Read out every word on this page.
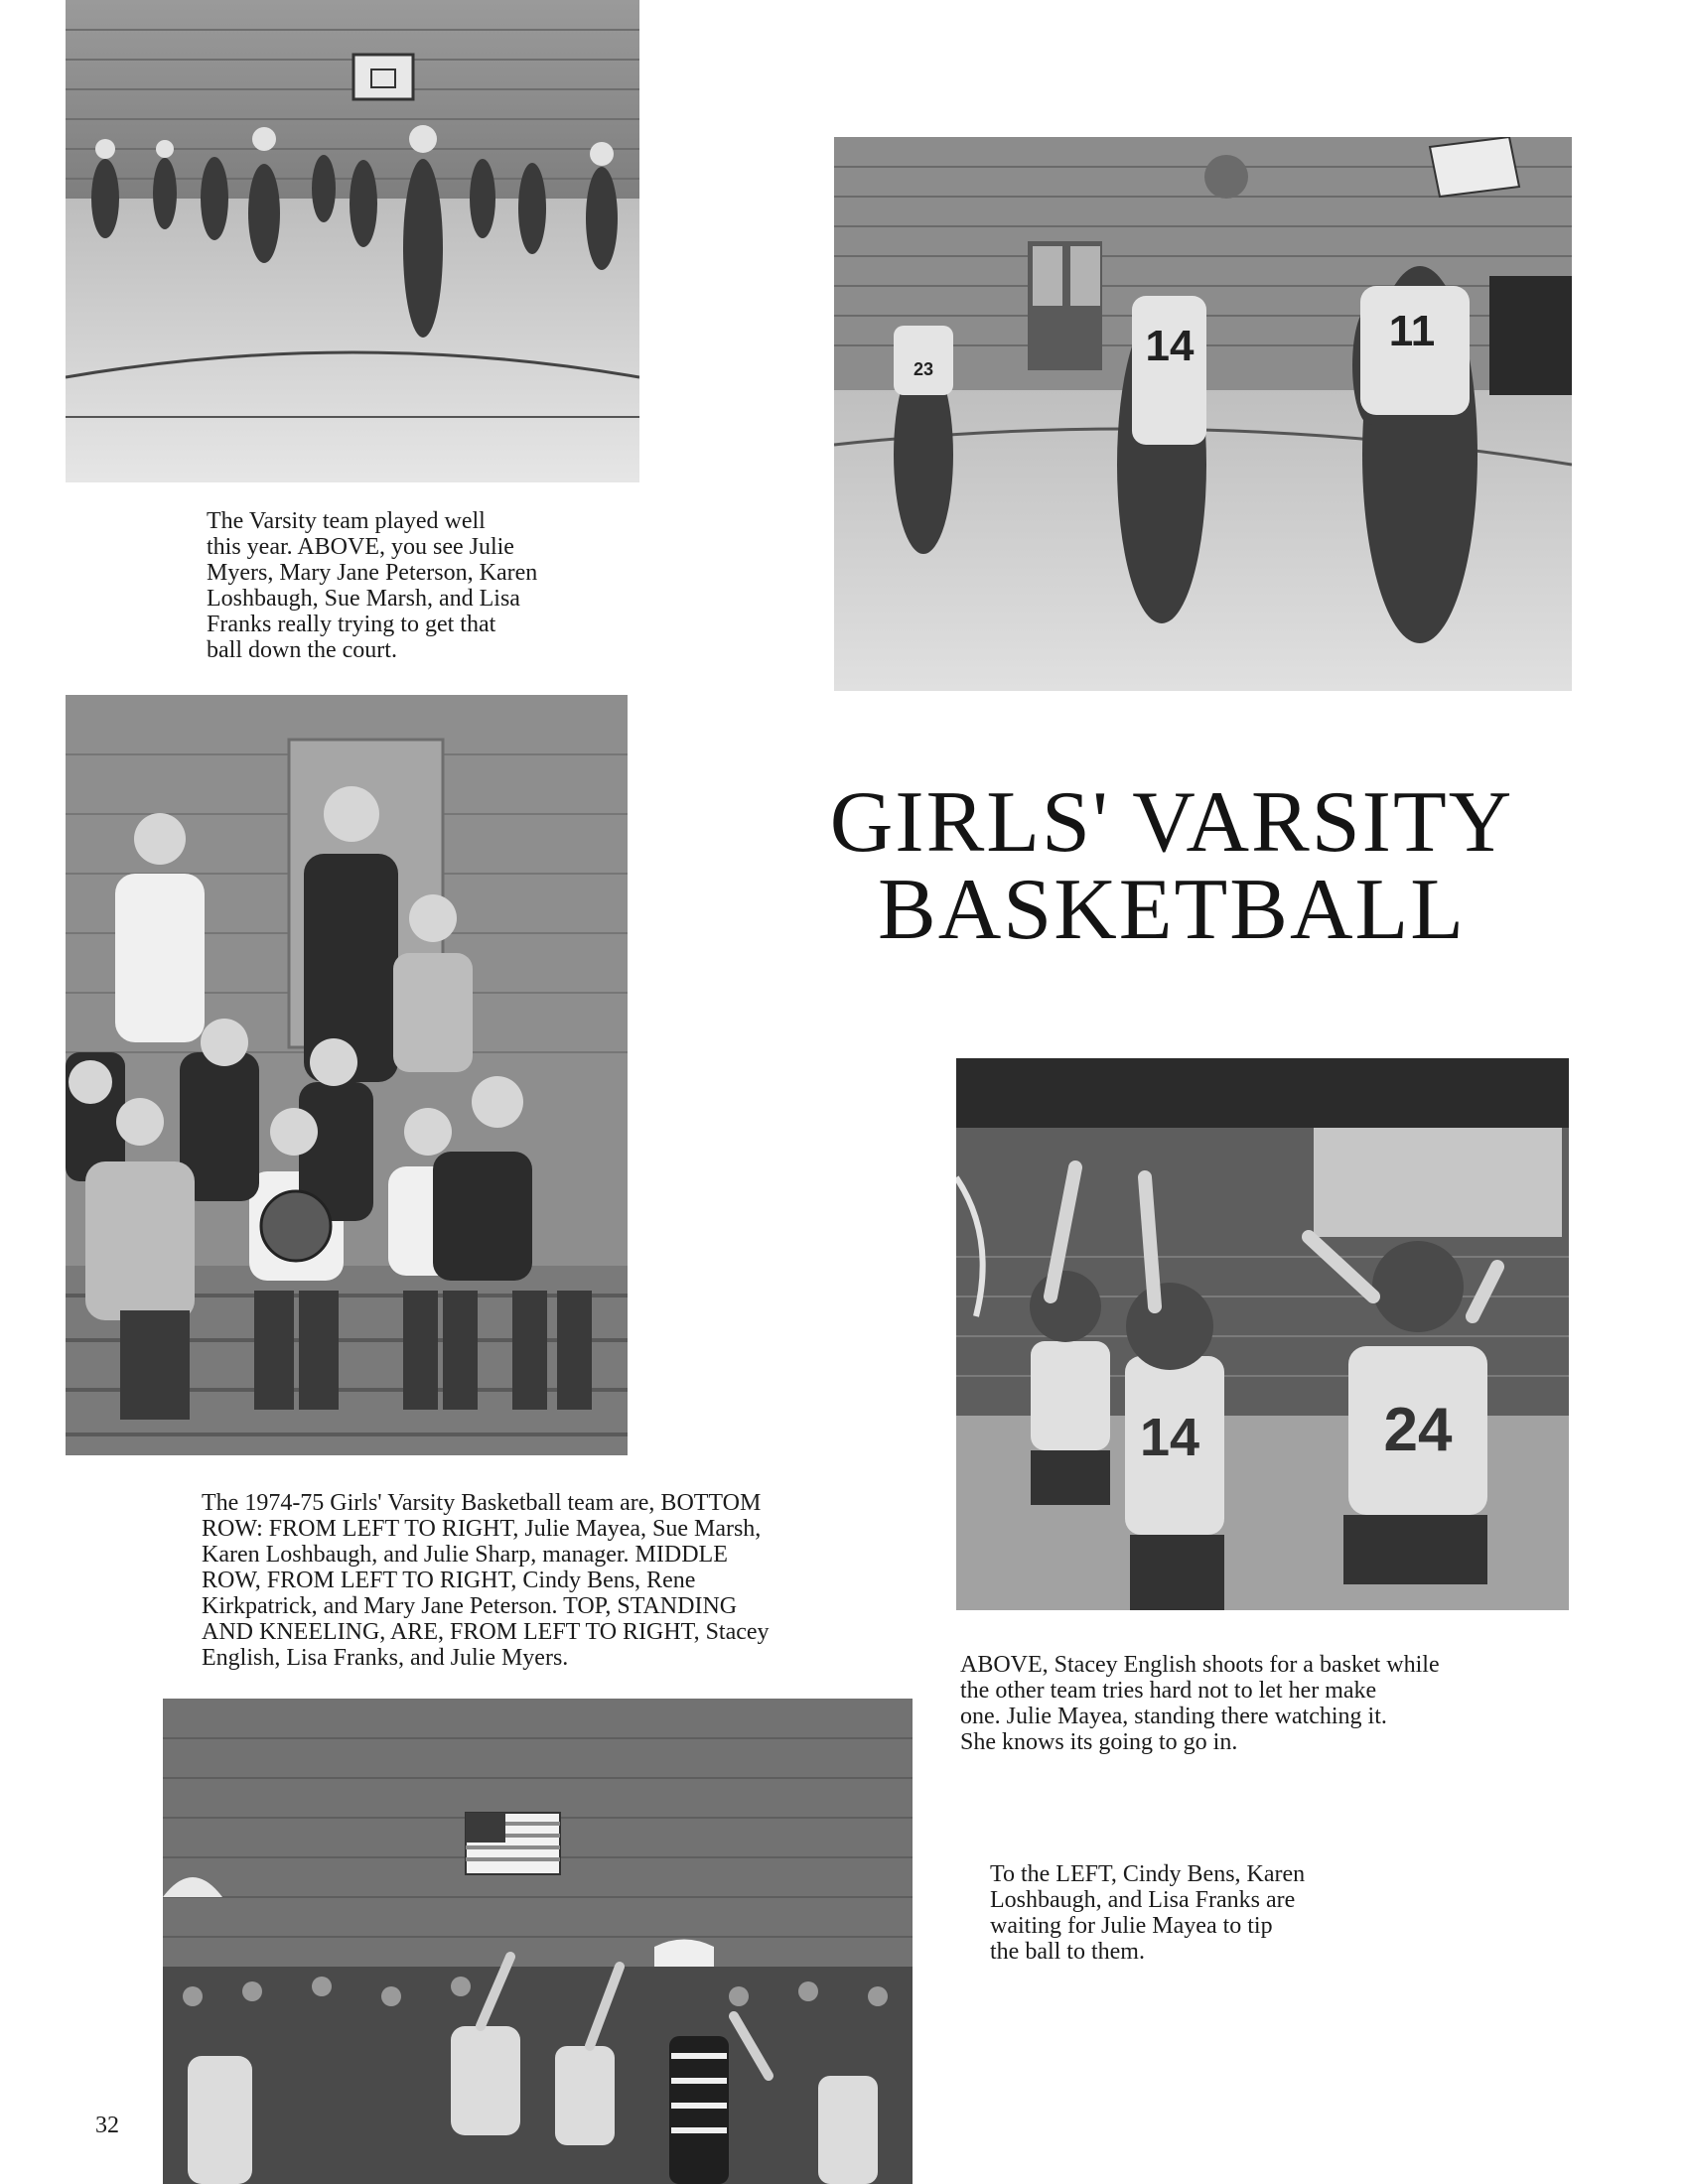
23	14	11
The Varsity team played well
this year. ABOVE, you see Julie
Myers, Mary Jane Peterson, Karen
Loshbaugh, Sue Marsh, and Lisa
Franks really trying to get that
ball down the court.
GIRLS' VARSITY
BASKETBALL
14	24
The 1974-75 Girls' Varsity Basketball team are, BOTTOM
ROW: FROM LEFT TO RIGHT, Julie Mayea, Sue Marsh,
Karen Loshbaugh, and Julie Sharp, manager. MIDDLE
ROW, FROM LEFT TO RIGHT, Cindy Bens, Rene
Kirkpatrick, and Mary Jane Peterson. TOP, STANDING
AND KNEELING, ARE, FROM LEFT TO RIGHT, Stacey
English, Lisa Franks, and Julie Myers.	ABOVE, Stacey English shoots for a basket while
the other team tries hard not to let her make
one. Julie Mayea, standing there watching it.
She knows its going to go in.
To the LEFT, Cindy Bens, Karen
Loshbaugh, and Lisa Franks are
waiting for Julie Mayea to tip
the ball to them.
32
